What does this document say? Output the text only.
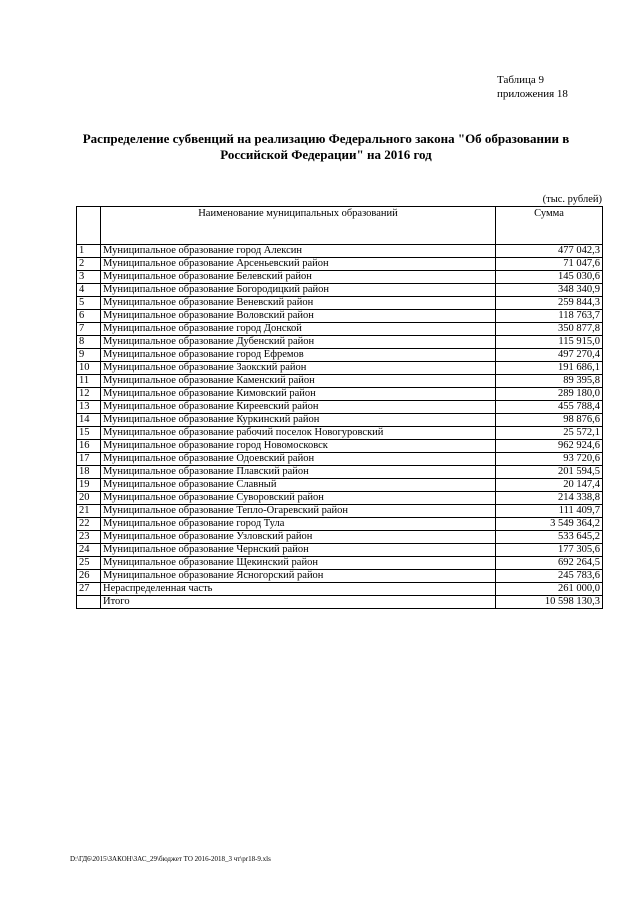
Таблица 9
приложения 18
Распределение субвенций на реализацию Федерального закона "Об образовании в Российской Федерации" на 2016 год
(тыс. рублей)
	Наименование муниципальных образований	Сумма
1	Муниципальное образование город Алексин	477 042,3
2	Муниципальное образование Арсеньевский район	71 047,6
3	Муниципальное образование Белевский район	145 030,6
4	Муниципальное образование Богородицкий район	348 340,9
5	Муниципальное образование Веневский район	259 844,3
6	Муниципальное образование Воловский район	118 763,7
7	Муниципальное образование город Донской	350 877,8
8	Муниципальное образование Дубенский район	115 915,0
9	Муниципальное образование город Ефремов	497 270,4
10	Муниципальное образование Заокский район	191 686,1
11	Муниципальное образование Каменский район	89 395,8
12	Муниципальное образование Кимовский район	289 180,0
13	Муниципальное образование Киреевский район	455 788,4
14	Муниципальное образование Куркинский район	98 876,6
15	Муниципальное образование рабочий поселок Новогуровский	25 572,1
16	Муниципальное образование город Новомосковск	962 924,6
17	Муниципальное образование Одоевский район	93 720,6
18	Муниципальное образование Плавский район	201 594,5
19	Муниципальное образование Славный	20 147,4
20	Муниципальное образование Суворовский район	214 338,8
21	Муниципальное образование Тепло-Огаревский район	111 409,7
22	Муниципальное образование город Тула	3 549 364,2
23	Муниципальное образование Узловский район	533 645,2
24	Муниципальное образование Чернский район	177 305,6
25	Муниципальное образование Щекинский район	692 264,5
26	Муниципальное образование Ясногорский район	245 783,6
27	Нераспределенная часть	261 000,0
	Итого	10 598 130,3
D:\ГД6\2015\ЗАКОН\ЗАС_29\бюджет ТО 2016-2018_3 чт\pr18-9.xls
